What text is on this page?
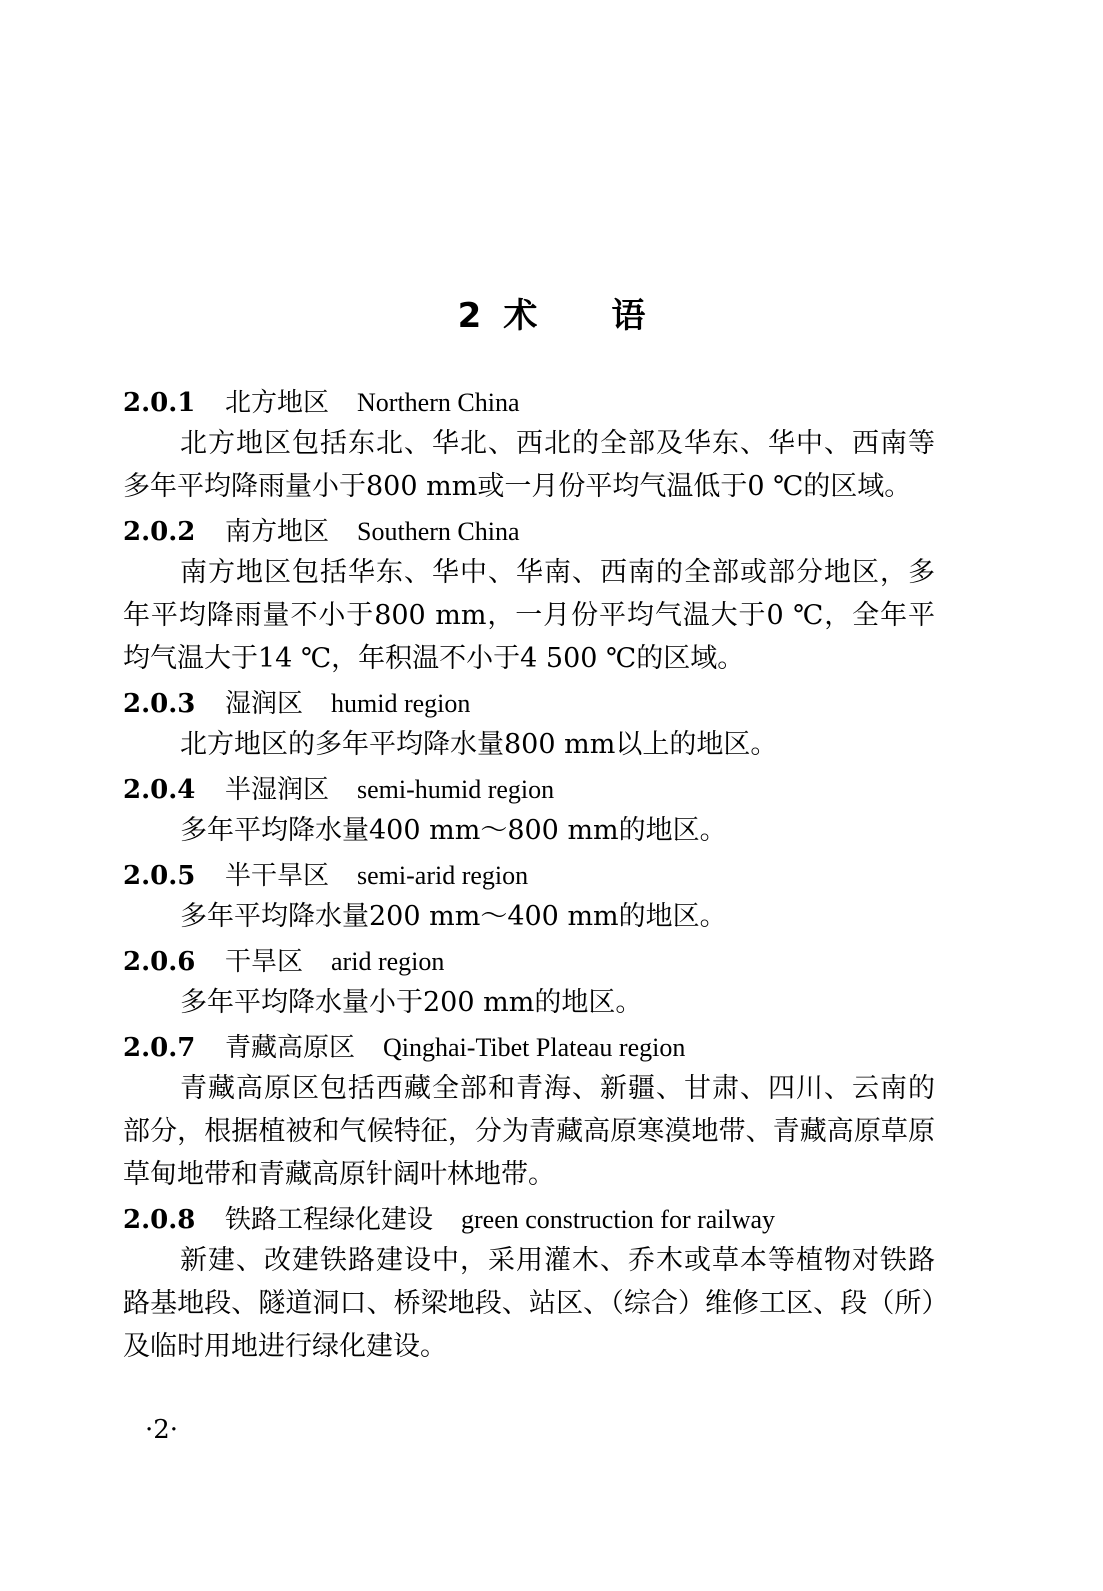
2 术 语
2.0.1 北方地区 Northern China

北方地区包括东北、华北、西北的全部及华东、华中、西南等多年平均降雨量小于800 mm或一月份平均气温低于0 ℃的区域。

2.0.2 南方地区 Southern China

南方地区包括华东、华中、华南、西南的全部或部分地区，多年平均降雨量不小于800 mm，一月份平均气温大于0 ℃，全年平均气温大于14 ℃，年积温不小于4 500 ℃的区域。

2.0.3 湿润区 humid region

北方地区的多年平均降水量800 mm以上的地区。

2.0.4 半湿润区 semi-humid region

多年平均降水量400 mm～800 mm的地区。

2.0.5 半干旱区 semi-arid region

多年平均降水量200 mm～400 mm的地区。

2.0.6 干旱区 arid region

多年平均降水量小于200 mm的地区。

2.0.7 青藏高原区 Qinghai-Tibet Plateau region

青藏高原区包括西藏全部和青海、新疆、甘肃、四川、云南的部分，根据植被和气候特征，分为青藏高原寒漠地带、青藏高原草原草甸地带和青藏高原针阔叶林地带。

2.0.8 铁路工程绿化建设 green construction for railway

新建、改建铁路建设中，采用灌木、乔木或草本等植物对铁路路基地段、隧道洞口、桥梁地段、站区、（综合）维修工区、段（所）及临时用地进行绿化建设。

·2·
